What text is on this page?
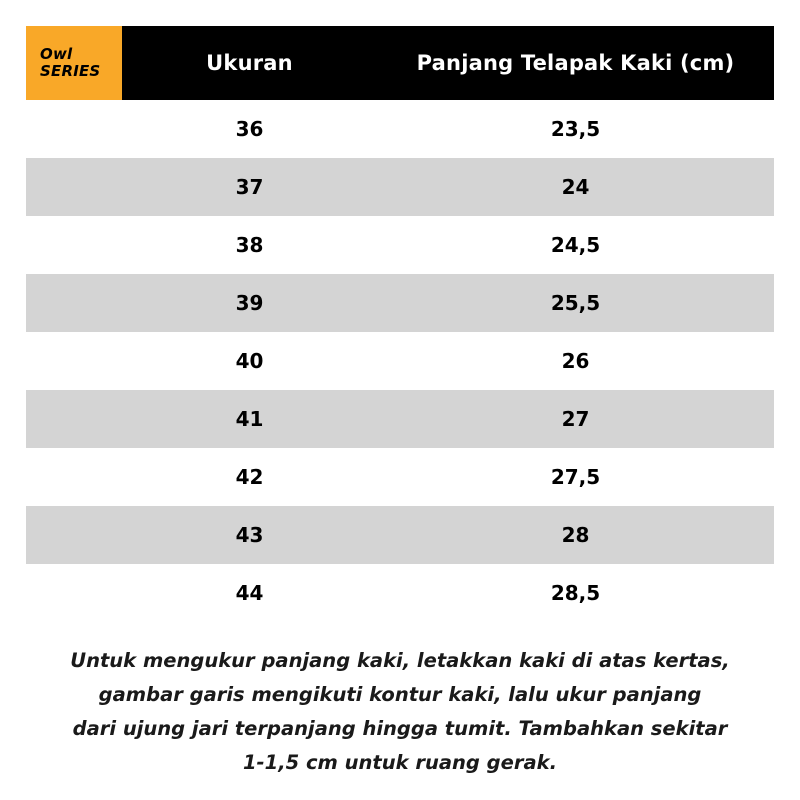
Owl
SERIES	Ukuran	Panjang Telapak Kaki (cm)
36	23,5
37	24
38	24,5
39	25,5
40	26
41	27
42	27,5
43	28
44	28,5
Untuk mengukur panjang kaki, letakkan kaki di atas kertas,
gambar garis mengikuti kontur kaki, lalu ukur panjang
dari ujung jari terpanjang hingga tumit. Tambahkan sekitar
1-1,5 cm untuk ruang gerak.
